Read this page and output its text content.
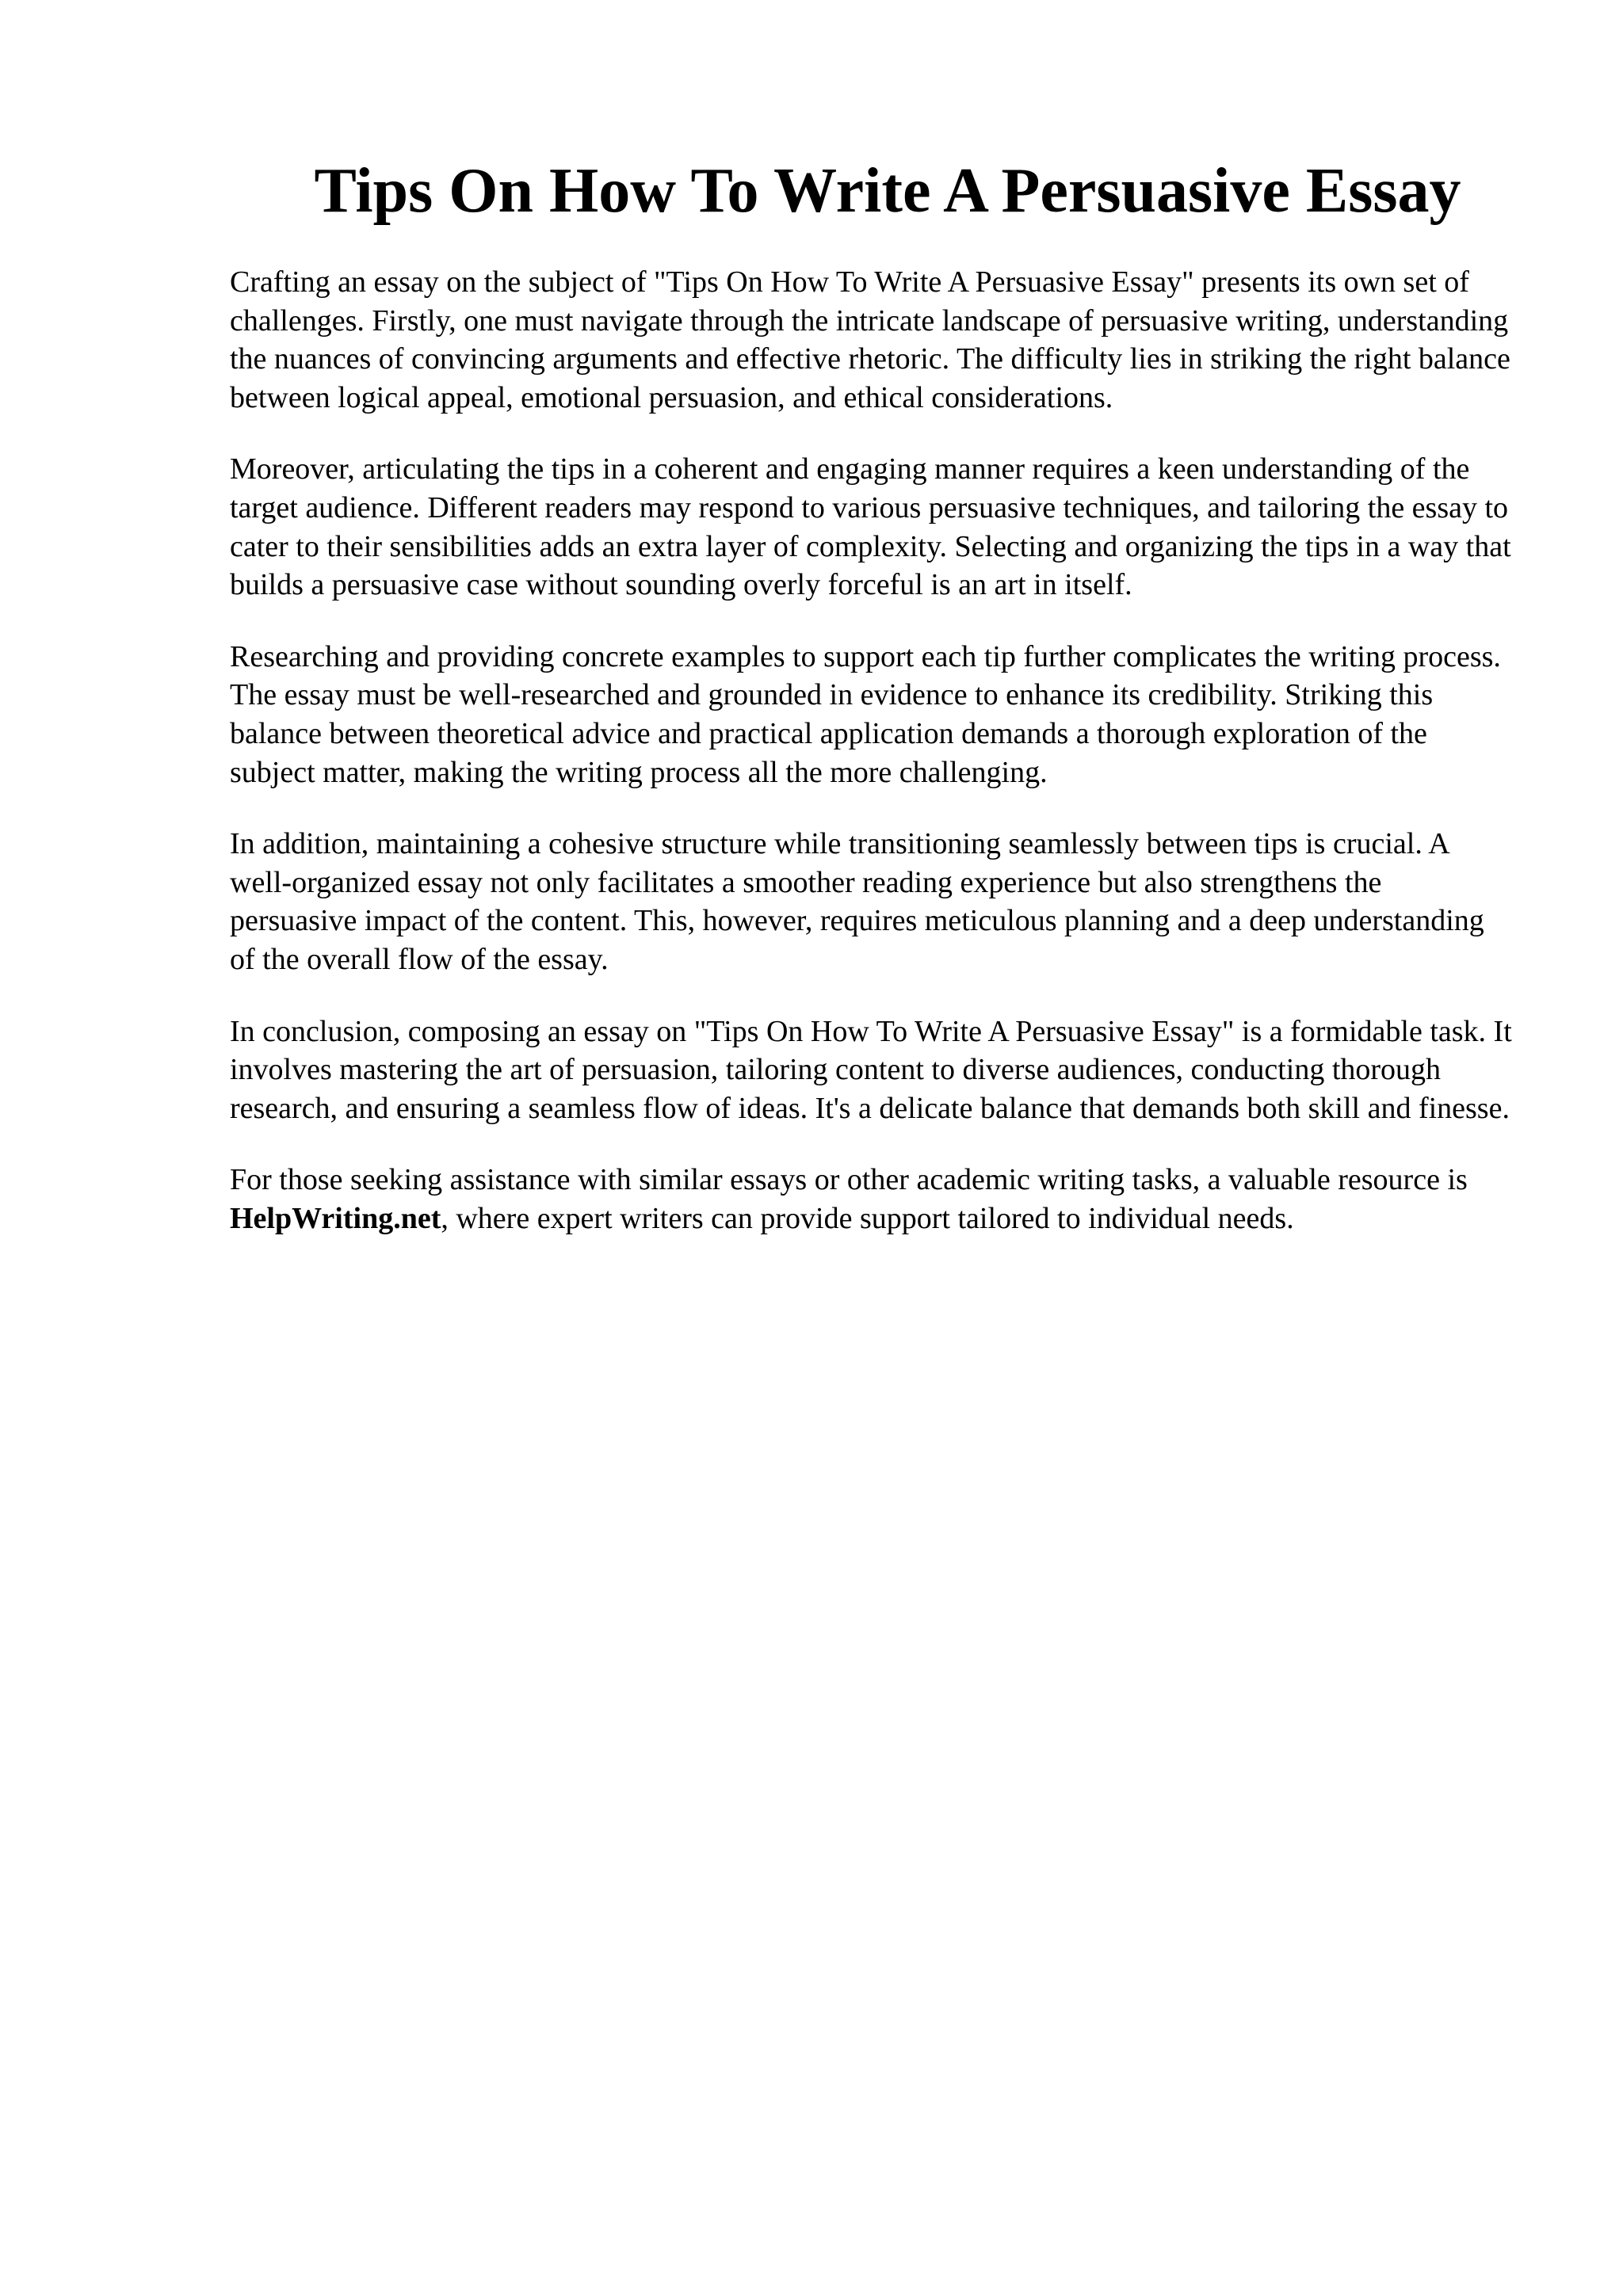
Tips On How To Write A Persuasive Essay

Crafting an essay on the subject of "Tips On How To Write A Persuasive Essay" presents its own set of challenges. Firstly, one must navigate through the intricate landscape of persuasive writing, understanding the nuances of convincing arguments and effective rhetoric. The difficulty lies in striking the right balance between logical appeal, emotional persuasion, and ethical considerations.

Moreover, articulating the tips in a coherent and engaging manner requires a keen understanding of the target audience. Different readers may respond to various persuasive techniques, and tailoring the essay to cater to their sensibilities adds an extra layer of complexity. Selecting and organizing the tips in a way that builds a persuasive case without sounding overly forceful is an art in itself.

Researching and providing concrete examples to support each tip further complicates the writing process. The essay must be well-researched and grounded in evidence to enhance its credibility. Striking this balance between theoretical advice and practical application demands a thorough exploration of the subject matter, making the writing process all the more challenging.

In addition, maintaining a cohesive structure while transitioning seamlessly between tips is crucial. A well-organized essay not only facilitates a smoother reading experience but also strengthens the persuasive impact of the content. This, however, requires meticulous planning and a deep understanding of the overall flow of the essay.

In conclusion, composing an essay on "Tips On How To Write A Persuasive Essay" is a formidable task. It involves mastering the art of persuasion, tailoring content to diverse audiences, conducting thorough research, and ensuring a seamless flow of ideas. It's a delicate balance that demands both skill and finesse.

For those seeking assistance with similar essays or other academic writing tasks, a valuable resource is HelpWriting.net, where expert writers can provide support tailored to individual needs.
